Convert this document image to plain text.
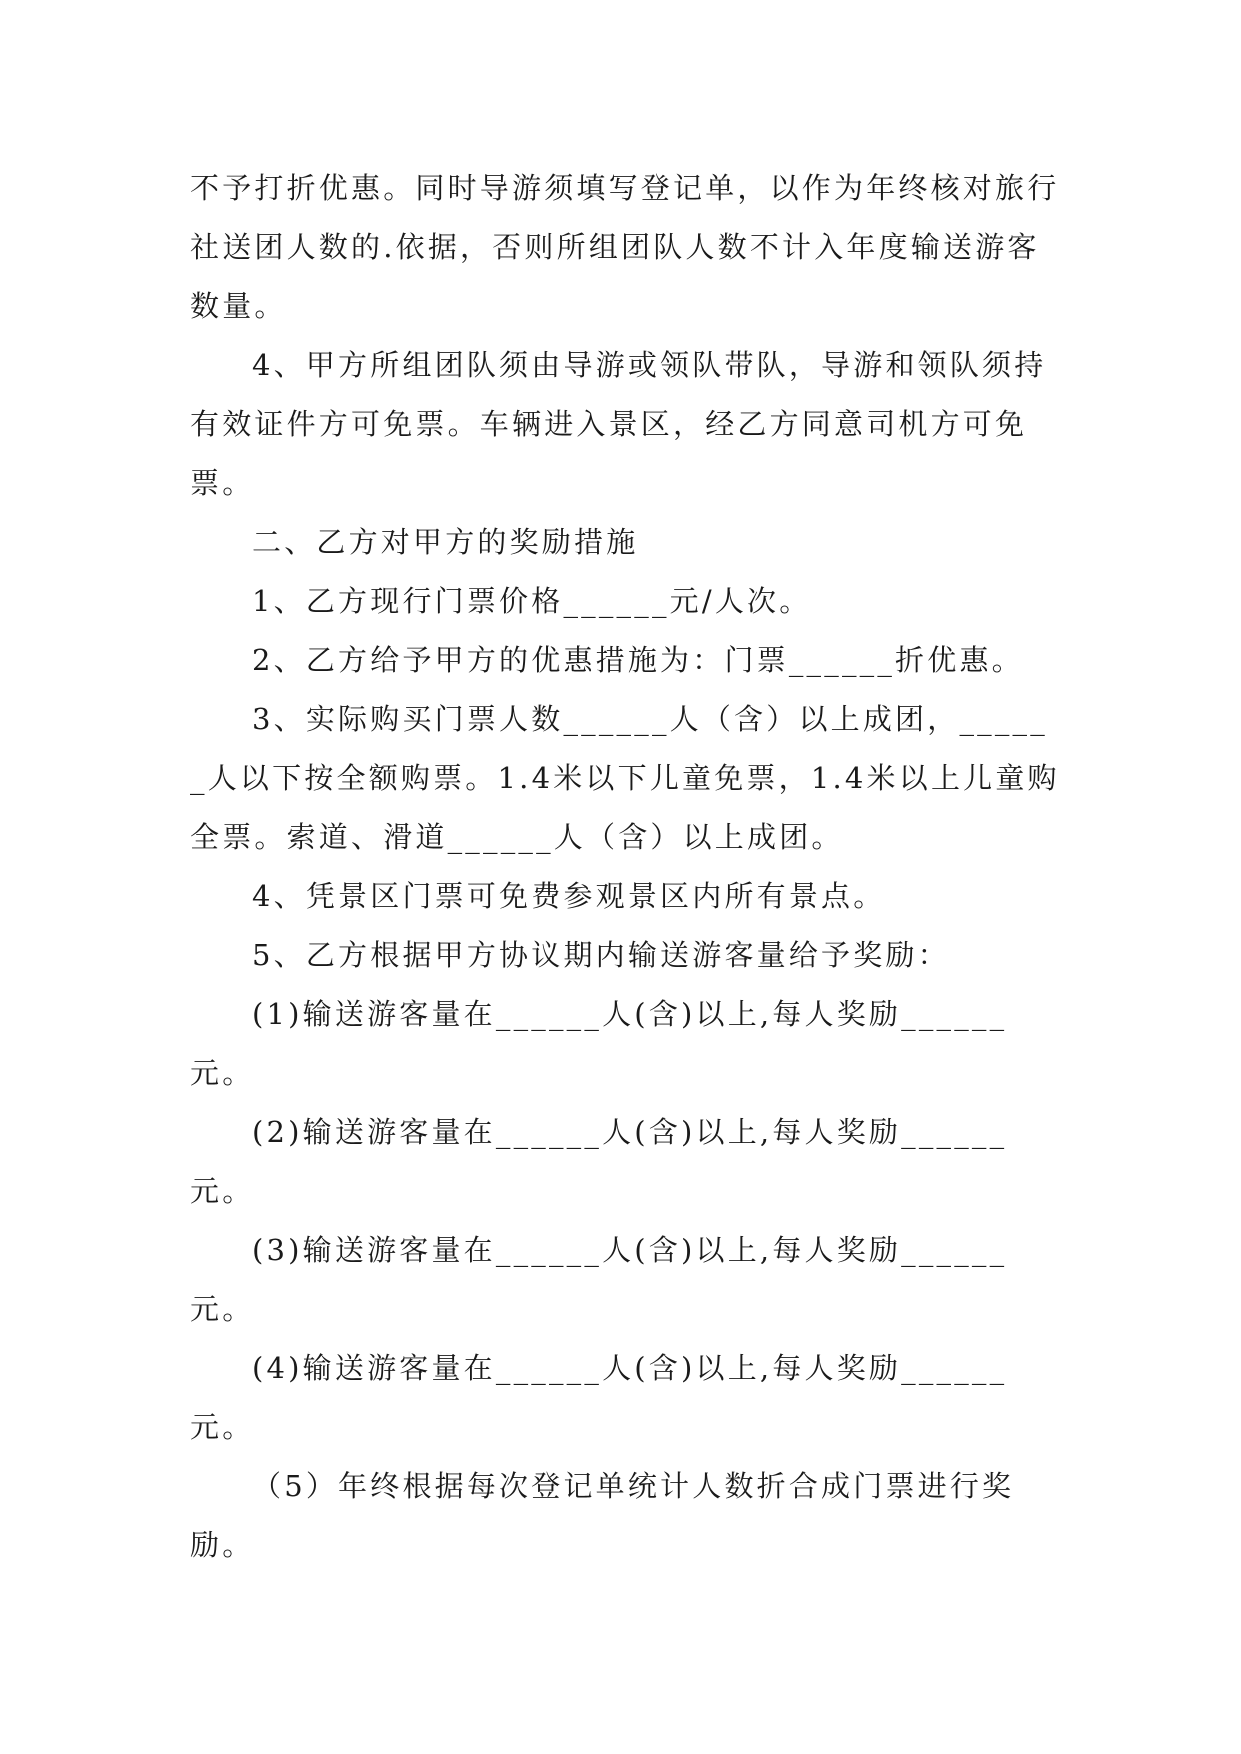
不予打折优惠。同时导游须填写登记单，以作为年终核对旅行社送团人数的.依据，否则所组团队人数不计入年度输送游客数量。

4、甲方所组团队须由导游或领队带队，导游和领队须持有效证件方可免票。车辆进入景区，经乙方同意司机方可免票。

二、乙方对甲方的奖励措施

1、乙方现行门票价格______元/人次。

2、乙方给予甲方的优惠措施为：门票______折优惠。

3、实际购买门票人数______人（含）以上成团，______人以下按全额购票。1.4米以下儿童免票，1.4米以上儿童购全票。索道、滑道______人（含）以上成团。

4、凭景区门票可免费参观景区内所有景点。

5、乙方根据甲方协议期内输送游客量给予奖励：

(1)输送游客量在______人(含)以上,每人奖励______元。

(2)输送游客量在______人(含)以上,每人奖励______元。

(3)输送游客量在______人(含)以上,每人奖励______元。

(4)输送游客量在______人(含)以上,每人奖励______元。

（5）年终根据每次登记单统计人数折合成门票进行奖励。
